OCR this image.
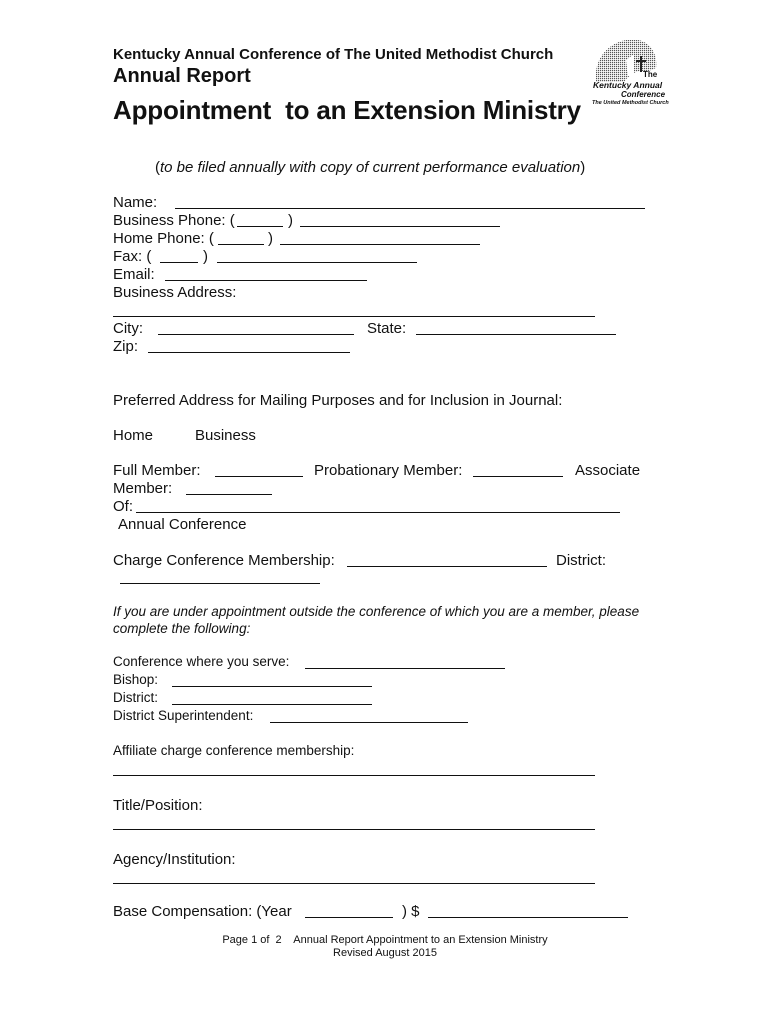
Kentucky Annual Conference of The United Methodist Church
Annual Report
Appointment  to an Extension Ministry
The
Kentucky Annual
Conference
The United Methodist Church
(to be filed annually with copy of current performance evaluation)
Name:
Business Phone: (	)
Home Phone: (	)
Fax: (	)
Email:
Business Address:
City:	State:
Zip:
Preferred Address for Mailing Purposes and for Inclusion in Journal:
Home	Business
Full Member:	Probationary Member:	Associate
Member:
Of:
Annual Conference
Charge Conference Membership:	District:
If you are under appointment outside the conference of which you are a member, please
complete the following:
Conference where you serve:
Bishop:
District:
District Superintendent:
Affiliate charge conference membership:
Title/Position:
Agency/Institution:
Base Compensation: (Year	) $
Page 1 of  2    Annual Report Appointment to an Extension Ministry
Revised August 2015
